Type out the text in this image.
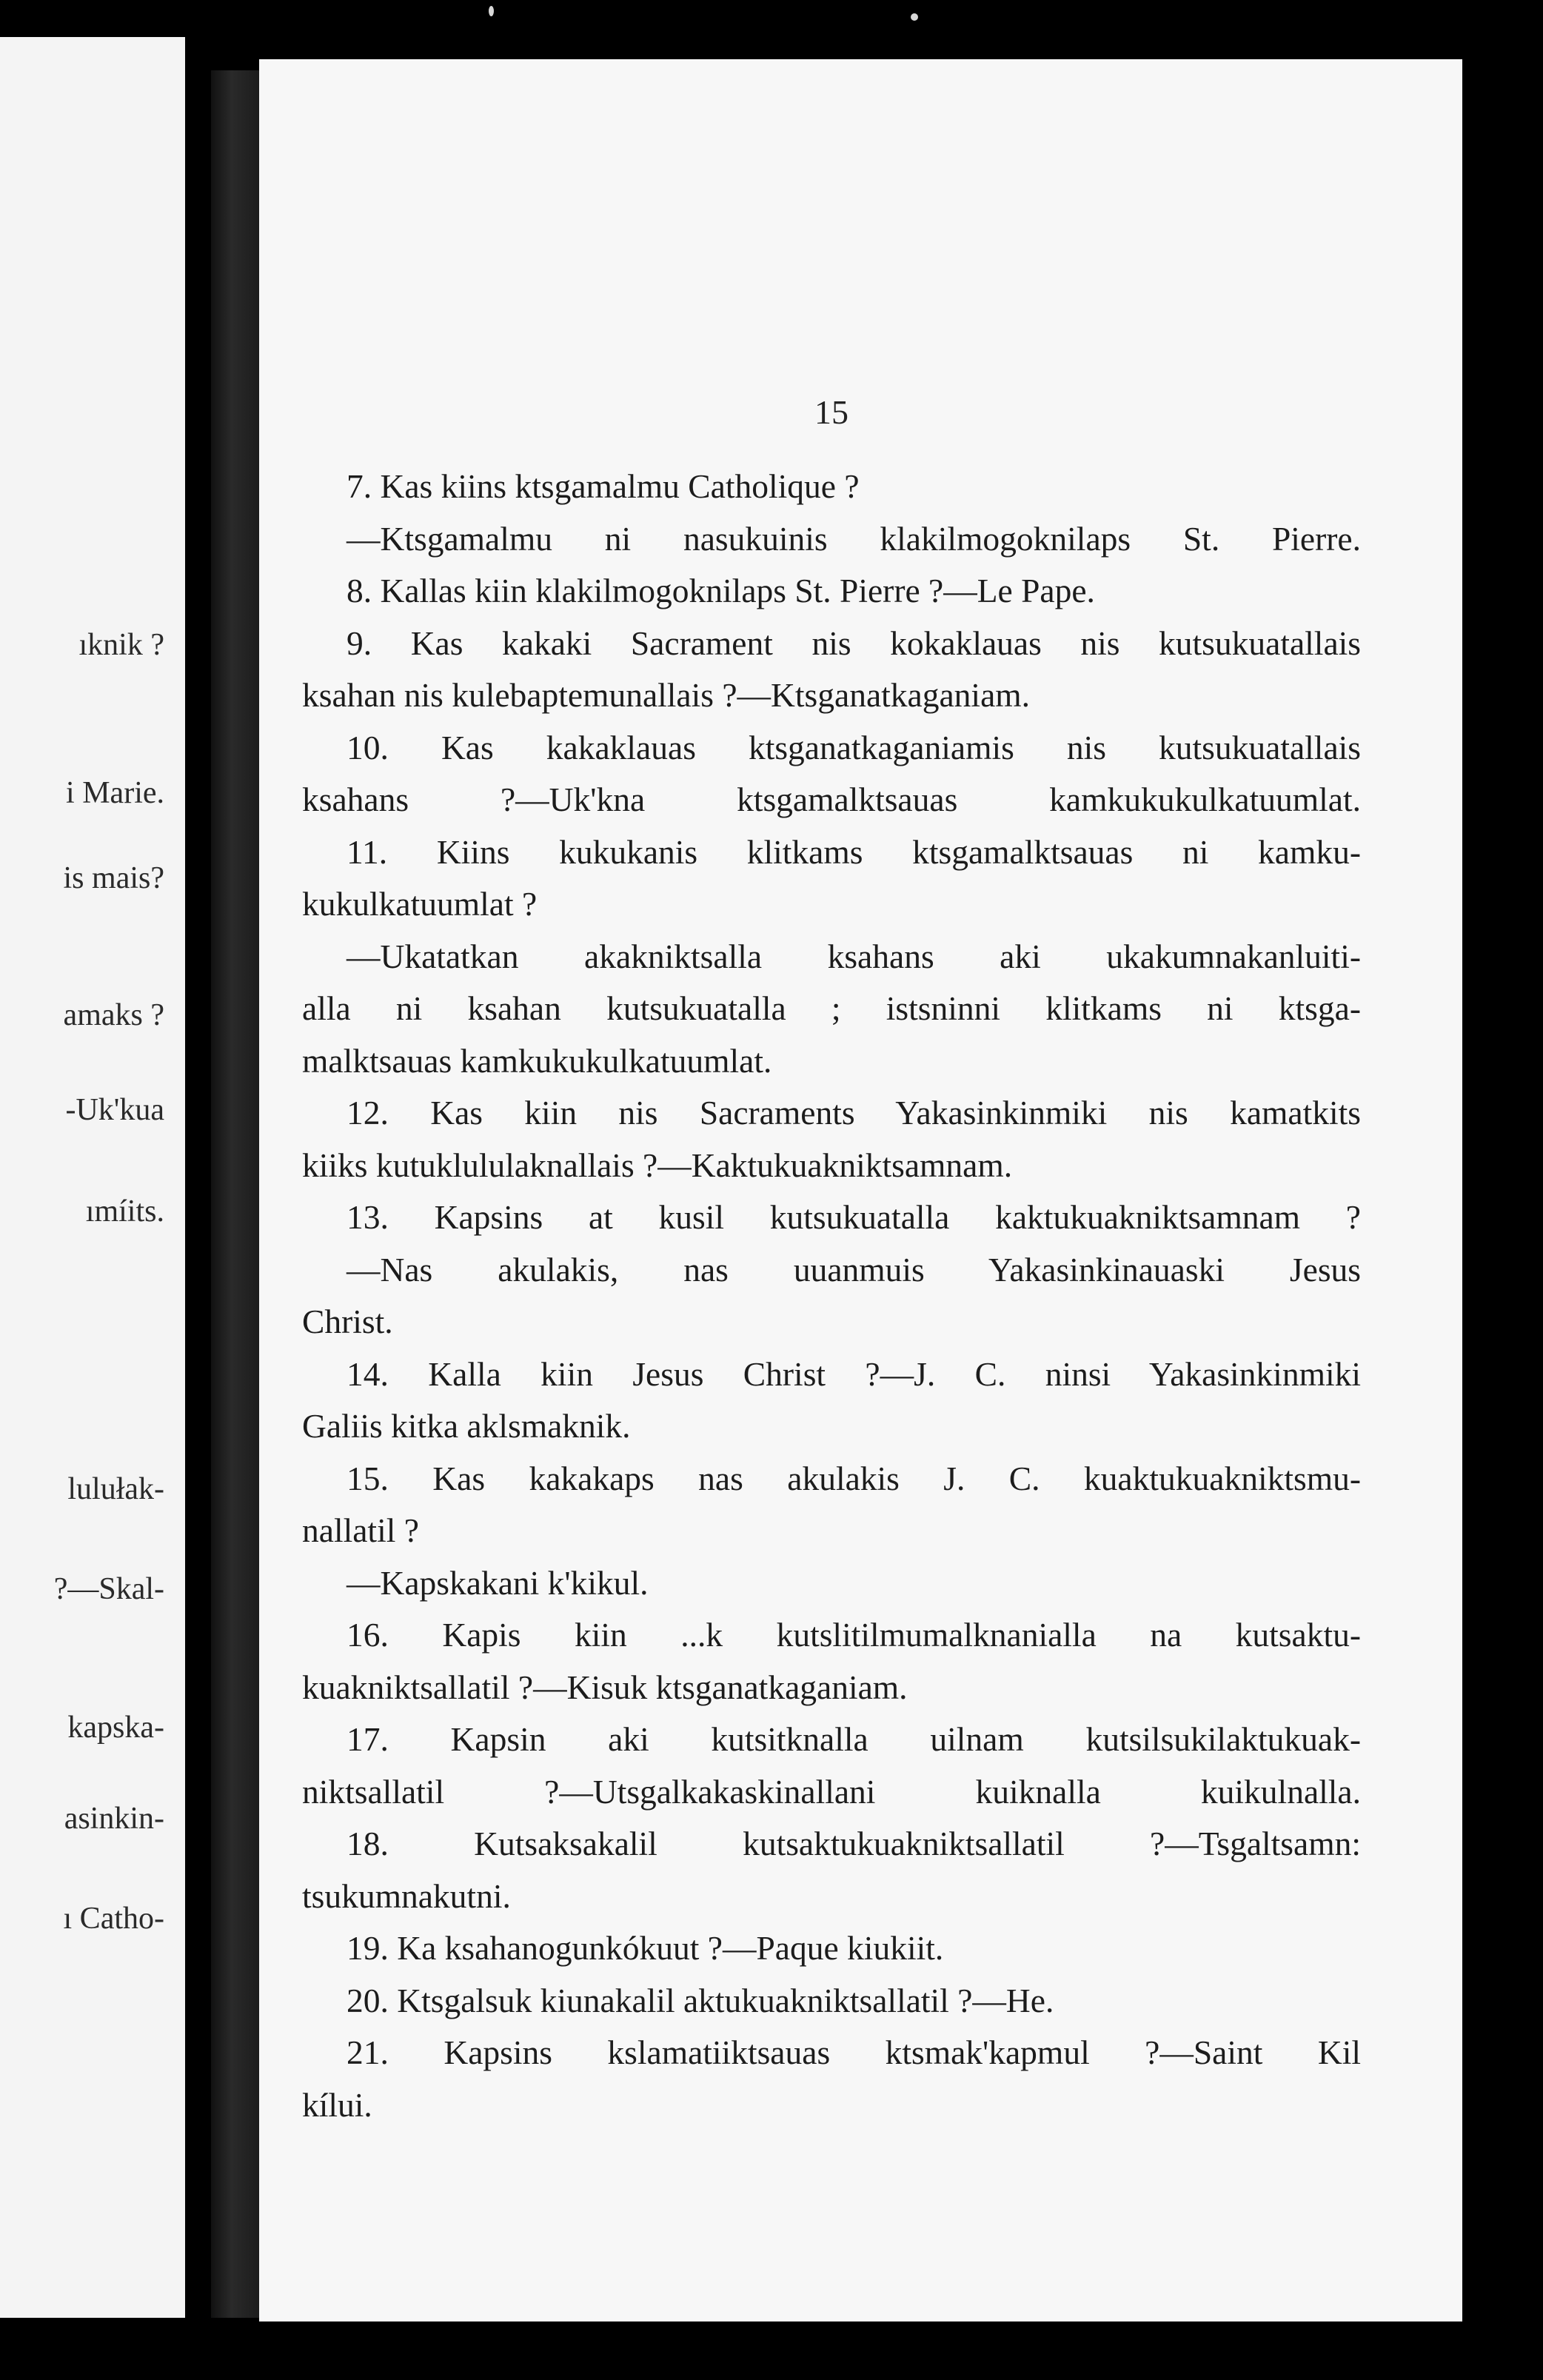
ıknik ?
i Marie.
is mais?
amaks ?
-Uk'kua
ımíits.
lulułak-
?—Skal-
kapska-
asinkin-
ı Catho-
15
7. Kas kiins ktsgamalmu Catholique ?
—Ktsgamalmu ni nasukuinis klakilmogoknilaps St. Pierre.
8. Kallas kiin klakilmogoknilaps St. Pierre ?—Le Pape.
9. Kas kakaki Sacrament nis kokaklauas nis kutsukuatallais
ksahan nis kulebaptemunallais ?—Ktsganatkaganiam.
10. Kas kakaklauas ktsganatkaganiamis nis kutsukuatallais
ksahans ?—Uk'kna ktsgamalktsauas kamkukukulkatuumlat.
11. Kiins kukukanis klitkams ktsgamalktsauas ni kamku-
kukulkatuumlat ?
—Ukatatkan akakniktsalla ksahans aki ukakumnakanluiti-
alla ni ksahan kutsukuatalla ; istsninni klitkams ni ktsga-
malktsauas kamkukukulkatuumlat.
12. Kas kiin nis Sacraments Yakasinkinmiki nis kamatkits
kiiks kutuklululaknallais ?—Kaktukuakniktsamnam.
13. Kapsins at kusil kutsukuatalla kaktukuakniktsamnam ?
—Nas akulakis, nas uuanmuis Yakasinkinauaski Jesus
Christ.
14. Kalla kiin Jesus Christ ?—J. C. ninsi Yakasinkinmiki
Galiis kitka aklsmaknik.
15. Kas kakakaps nas akulakis J. C. kuaktukuakniktsmu-
nallatil ?
—Kapskakani k'kikul.
16. Kapis kiin ...k kutslitilmumalknanialla na kutsaktu-
kuakniktsallatil ?—Kisuk ktsganatkaganiam.
17. Kapsin aki kutsitknalla uilnam kutsilsukilaktukuak-
niktsallatil ?—Utsgalkakaskinallani kuiknalla kuikulnalla.
18. Kutsaksakalil kutsaktukuakniktsallatil ?—Tsgaltsamn:
tsukumnakutni.
19. Ka ksahanogunkókuut ?—Paque kiukiit.
20. Ktsgalsuk kiunakalil aktukuakniktsallatil ?—He.
21. Kapsins kslamatiiktsauas ktsmak'kapmul ?—Saint Kil
kílui.
